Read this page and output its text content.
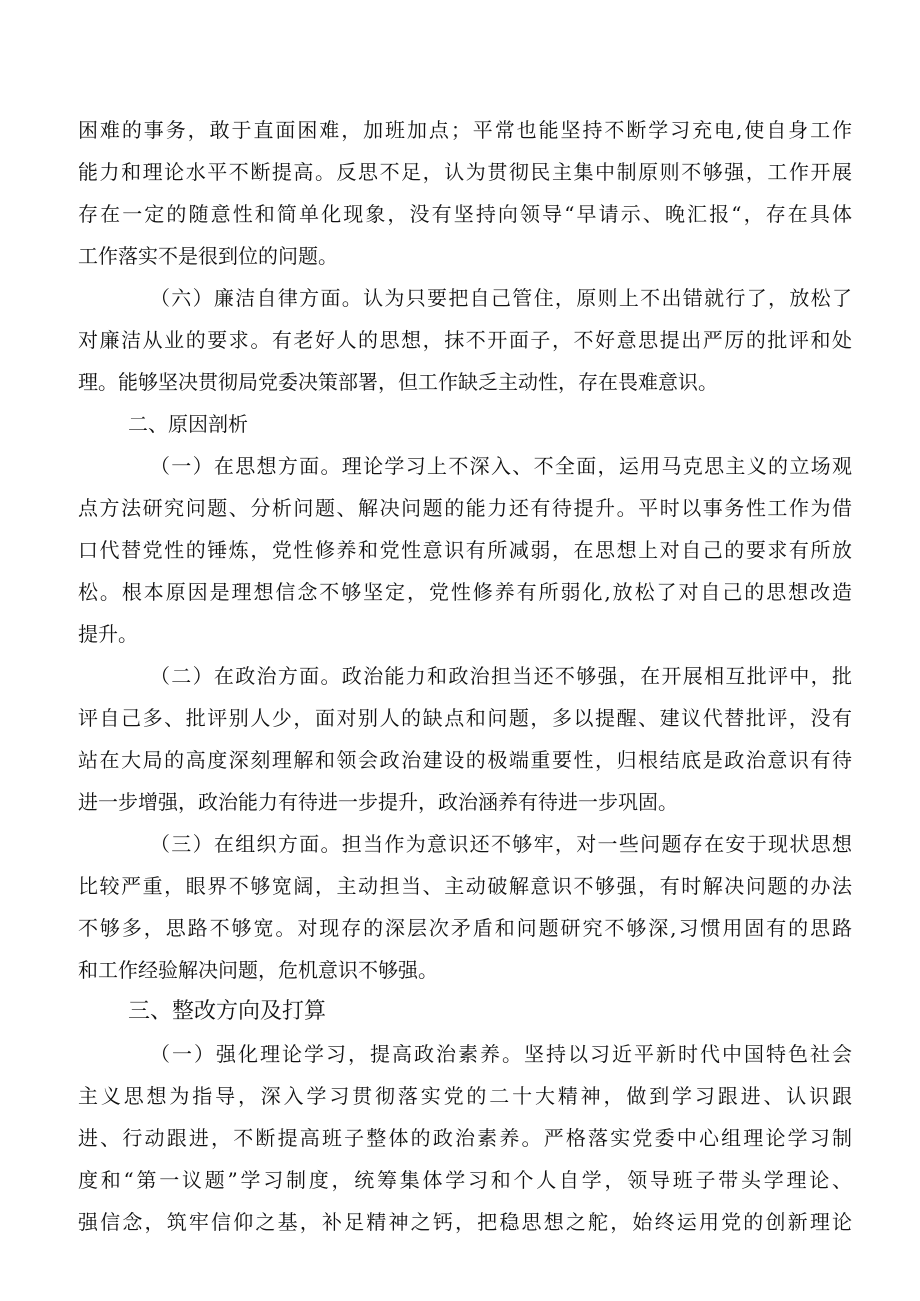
困难的事务，敢于直面困难，加班加点；平常也能坚持不断学习充电,使自身工作
能力和理论水平不断提高。反思不足，认为贯彻民主集中制原则不够强，工作开展
存在一定的随意性和简单化现象，没有坚持向领导“早请示、晚汇报“，存在具体
工作落实不是很到位的问题。
（六）廉洁自律方面。认为只要把自己管住，原则上不出错就行了，放松了
对廉洁从业的要求。有老好人的思想，抹不开面子，不好意思提出严厉的批评和处
理。能够坚决贯彻局党委决策部署，但工作缺乏主动性，存在畏难意识。
二、原因剖析
（一）在思想方面。理论学习上不深入、不全面，运用马克思主义的立场观
点方法研究问题、分析问题、解决问题的能力还有待提升。平时以事务性工作为借
口代替党性的锤炼，党性修养和党性意识有所减弱，在思想上对自己的要求有所放
松。根本原因是理想信念不够坚定，党性修养有所弱化,放松了对自己的思想改造
提升。
（二）在政治方面。政治能力和政治担当还不够强，在开展相互批评中，批
评自己多、批评别人少，面对别人的缺点和问题，多以提醒、建议代替批评，没有
站在大局的高度深刻理解和领会政治建设的极端重要性，归根结底是政治意识有待
进一步增强，政治能力有待进一步提升，政治涵养有待进一步巩固。
（三）在组织方面。担当作为意识还不够牢，对一些问题存在安于现状思想
比较严重，眼界不够宽阔，主动担当、主动破解意识不够强，有时解决问题的办法
不够多，思路不够宽。对现存的深层次矛盾和问题研究不够深,习惯用固有的思路
和工作经验解决问题，危机意识不够强。
三、整改方向及打算
（一）强化理论学习，提高政治素养。坚持以习近平新时代中国特色社会
主义思想为指导，深入学习贯彻落实党的二十大精神，做到学习跟进、认识跟
进、行动跟进，不断提高班子整体的政治素养。严格落实党委中心组理论学习制
度和“第一议题”学习制度，统筹集体学习和个人自学，领导班子带头学理论、
强信念，筑牢信仰之基，补足精神之钙，把稳思想之舵，始终运用党的创新理论
